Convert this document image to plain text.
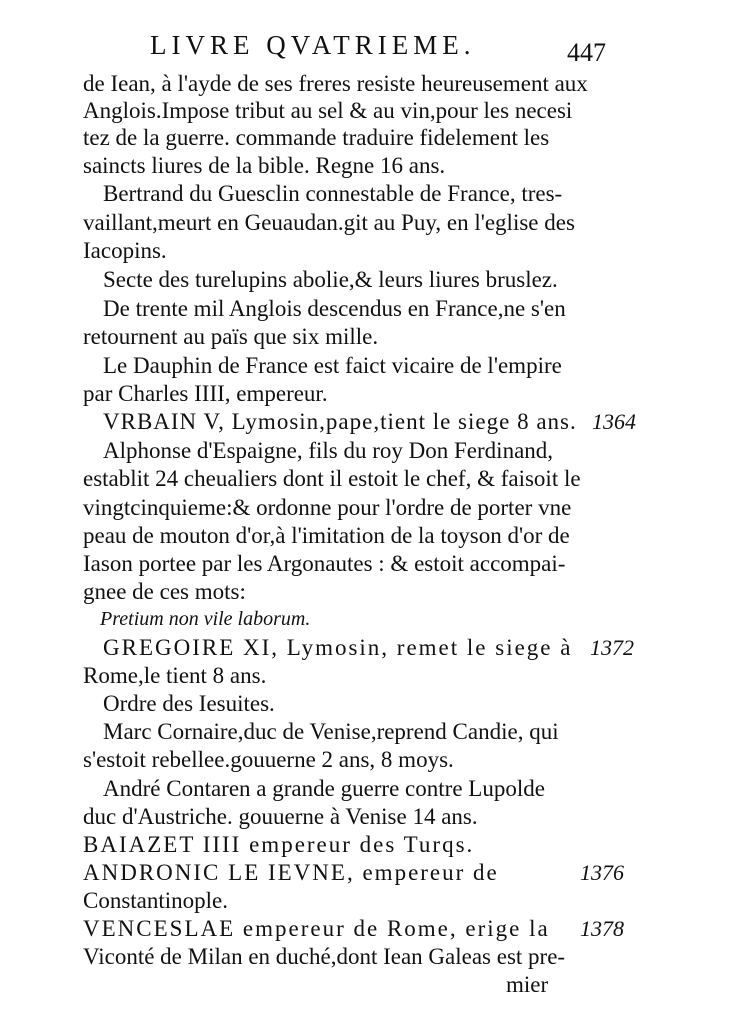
LIVRE QVATRIEME.	447
de Iean, à l'ayde de ses freres resiste heureusement aux
Anglois.Impose tribut au sel & au vin,pour les necesi
tez de la guerre. commande traduire fidelement les
saincts liures de la bible. Regne 16 ans.
Bertrand du Guesclin connestable de France, tres-
vaillant,meurt en Geuaudan.git au Puy, en l'eglise des
Iacopins.
Secte des turelupins abolie,& leurs liures bruslez.
De trente mil Anglois descendus en France,ne s'en
retournent au païs que six mille.
Le Dauphin de France est faict vicaire de l'empire
par Charles IIII, empereur.
VRBAIN V, Lymosin,pape,tient le siege 8 ans. 1364
Alphonse d'Espaigne, fils du roy Don Ferdinand,
establit 24 cheualiers dont il estoit le chef, & faisoit le
vingtcinquieme:& ordonne pour l'ordre de porter vne
peau de mouton d'or,à l'imitation de la toyson d'or de
Iason portee par les Argonautes : & estoit accompai-
gnee de ces mots:
Pretium non vile laborum.
GREGOIRE XI, Lymosin, remet le siege à 1372
Rome,le tient 8 ans.
Ordre des Iesuites.
Marc Cornaire,duc de Venise,reprend Candie, qui
s'estoit rebellee.gouuerne 2 ans, 8 moys.
André Contaren a grande guerre contre Lupolde
duc d'Austriche. gouuerne à Venise 14 ans.
BAIAZET IIII empereur des Turqs.
ANDRONIC LE IEVNE, empereur de	1376
Constantinople.
VENCESLAE empereur de Rome, erige la 1378
Viconté de Milan en duché,dont Iean Galeas est pre-
mier
